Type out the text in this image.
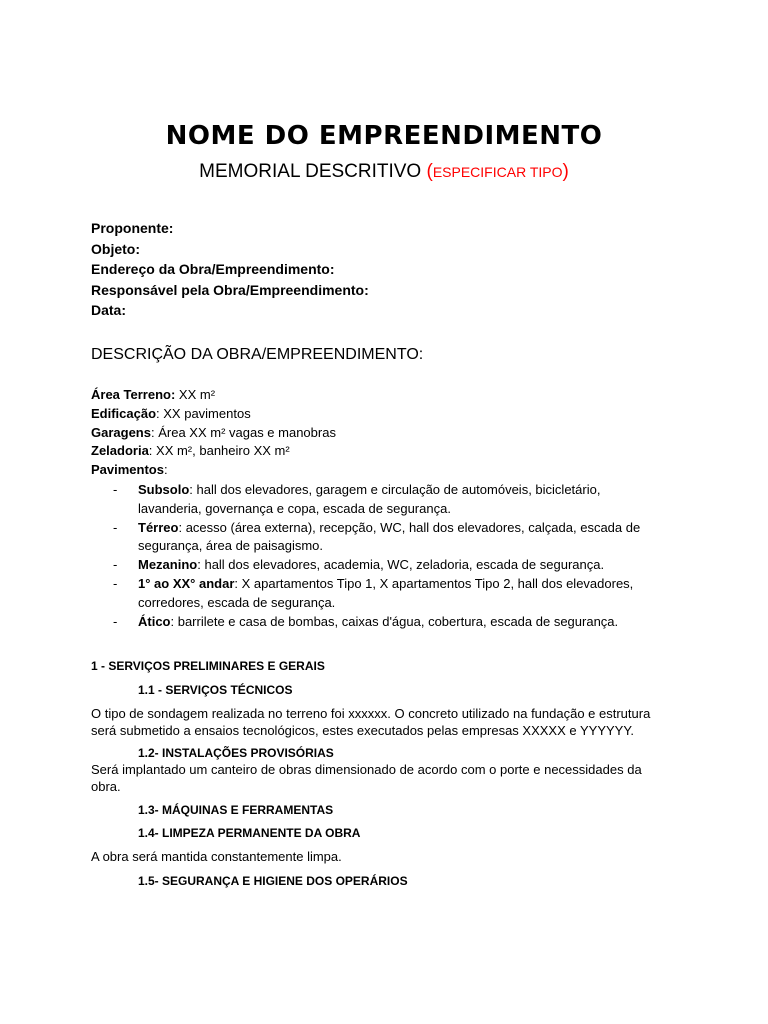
NOME DO EMPREENDIMENTO
MEMORIAL DESCRITIVO (ESPECIFICAR TIPO)
Proponente:
Objeto:
Endereço da Obra/Empreendimento:
Responsável pela Obra/Empreendimento:
Data:
DESCRIÇÃO DA OBRA/EMPREENDIMENTO:
Área Terreno: XX m²
Edificação: XX pavimentos
Garagens: Área XX m² vagas e manobras
Zeladoria: XX m², banheiro XX m²
Pavimentos:
- Subsolo: hall dos elevadores, garagem e circulação de automóveis, bicicletário, lavanderia, governança e copa, escada de segurança.
- Térreo: acesso (área externa), recepção, WC, hall dos elevadores, calçada, escada de segurança, área de paisagismo.
- Mezanino: hall dos elevadores, academia, WC, zeladoria, escada de segurança.
- 1° ao XX° andar: X apartamentos Tipo 1, X apartamentos Tipo 2, hall dos elevadores, corredores, escada de segurança.
- Ático: barrilete e casa de bombas, caixas d'água, cobertura, escada de segurança.
1 - SERVIÇOS PRELIMINARES E GERAIS
1.1 - SERVIÇOS TÉCNICOS
O tipo de sondagem realizada no terreno foi xxxxxx. O concreto utilizado na fundação e estrutura será submetido a ensaios tecnológicos, estes executados pelas empresas XXXXX e YYYYYY.
1.2- INSTALAÇÕES PROVISÓRIAS
Será implantado um canteiro de obras dimensionado de acordo com o porte e necessidades da obra.
1.3- MÁQUINAS E FERRAMENTAS
1.4- LIMPEZA PERMANENTE DA OBRA
A obra será mantida constantemente limpa.
1.5- SEGURANÇA E HIGIENE DOS OPERÁRIOS
